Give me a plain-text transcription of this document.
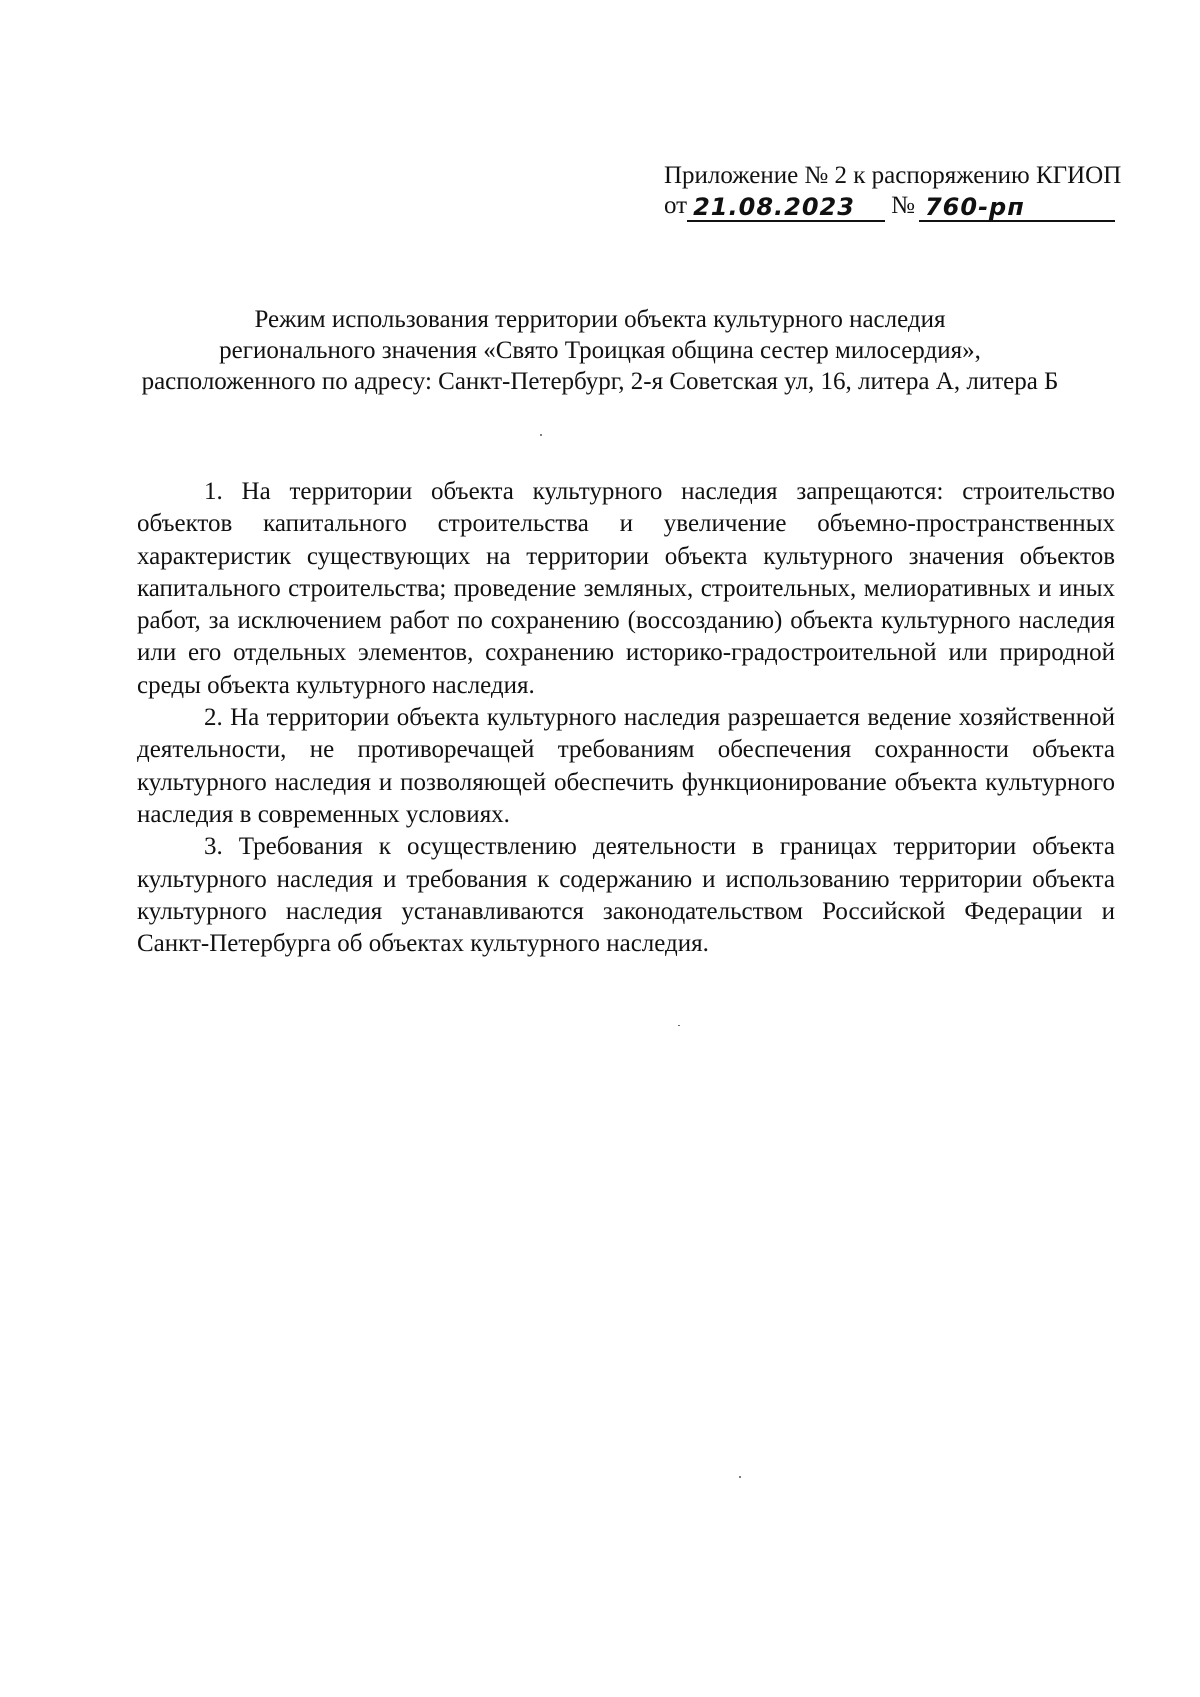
Приложение № 2 к распоряжению КГИОП
от 21.08.2023	№ 760-рп
Режим использования территории объекта культурного наследия
регионального значения «Свято Троицкая община сестер милосердия»,
расположенного по адресу: Санкт-Петербург, 2-я Советская ул, 16, литера А, литера Б

1. На территории объекта культурного наследия запрещаются: строительство объектов капитального строительства и увеличение объемно-пространственных характеристик существующих на территории объекта культурного значения объектов капитального строительства; проведение земляных, строительных, мелиоративных и иных работ, за исключением работ по сохранению (воссозданию) объекта культурного наследия или его отдельных элементов, сохранению историко-градостроительной или природной среды объекта культурного наследия.

2. На территории объекта культурного наследия разрешается ведение хозяйственной деятельности, не противоречащей требованиям обеспечения сохранности объекта культурного наследия и позволяющей обеспечить функционирование объекта культурного наследия в современных условиях.

3. Требования к осуществлению деятельности в границах территории объекта культурного наследия и требования к содержанию и использованию территории объекта культурного наследия устанавливаются законодательством Российской Федерации и Санкт-Петербурга об объектах культурного наследия.
